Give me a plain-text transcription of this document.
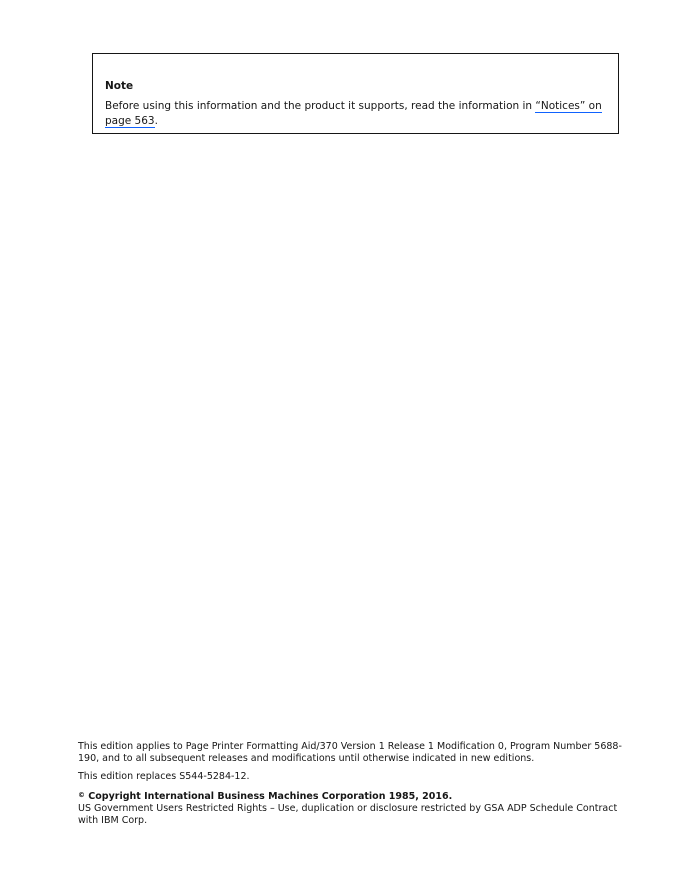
Note

Before using this information and the product it supports, read the information in “Notices” on page 563.

This edition applies to Page Printer Formatting Aid/370 Version 1 Release 1 Modification 0, Program Number 5688-190, and to all subsequent releases and modifications until otherwise indicated in new editions.

This edition replaces S544-5284-12.

© Copyright International Business Machines Corporation 1985, 2016.

US Government Users Restricted Rights – Use, duplication or disclosure restricted by GSA ADP Schedule Contract with IBM Corp.
